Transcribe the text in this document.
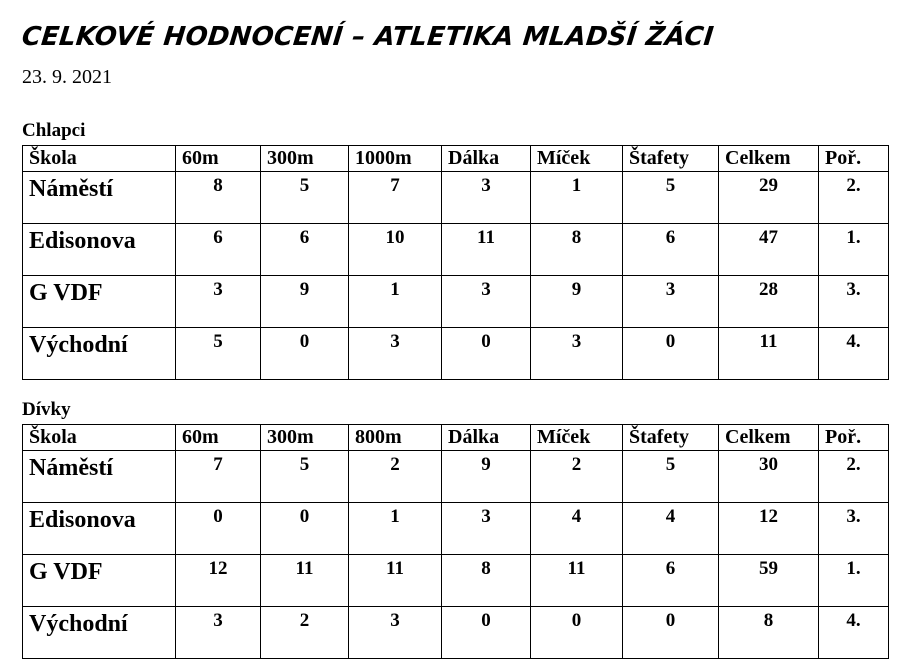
CELKOVÉ HODNOCENÍ – ATLETIKA MLADŠÍ ŽÁCI
23. 9. 2021
Chlapci
Škola	60m	300m	1000m	Dálka	Míček	Štafety	Celkem	Poř.
Náměstí	8	5	7	3	1	5	29	2.
Edisonova	6	6	10	11	8	6	47	1.
G VDF	3	9	1	3	9	3	28	3.
Východní	5	0	3	0	3	0	11	4.
Dívky
Škola	60m	300m	800m	Dálka	Míček	Štafety	Celkem	Poř.
Náměstí	7	5	2	9	2	5	30	2.
Edisonova	0	0	1	3	4	4	12	3.
G VDF	12	11	11	8	11	6	59	1.
Východní	3	2	3	0	0	0	8	4.
